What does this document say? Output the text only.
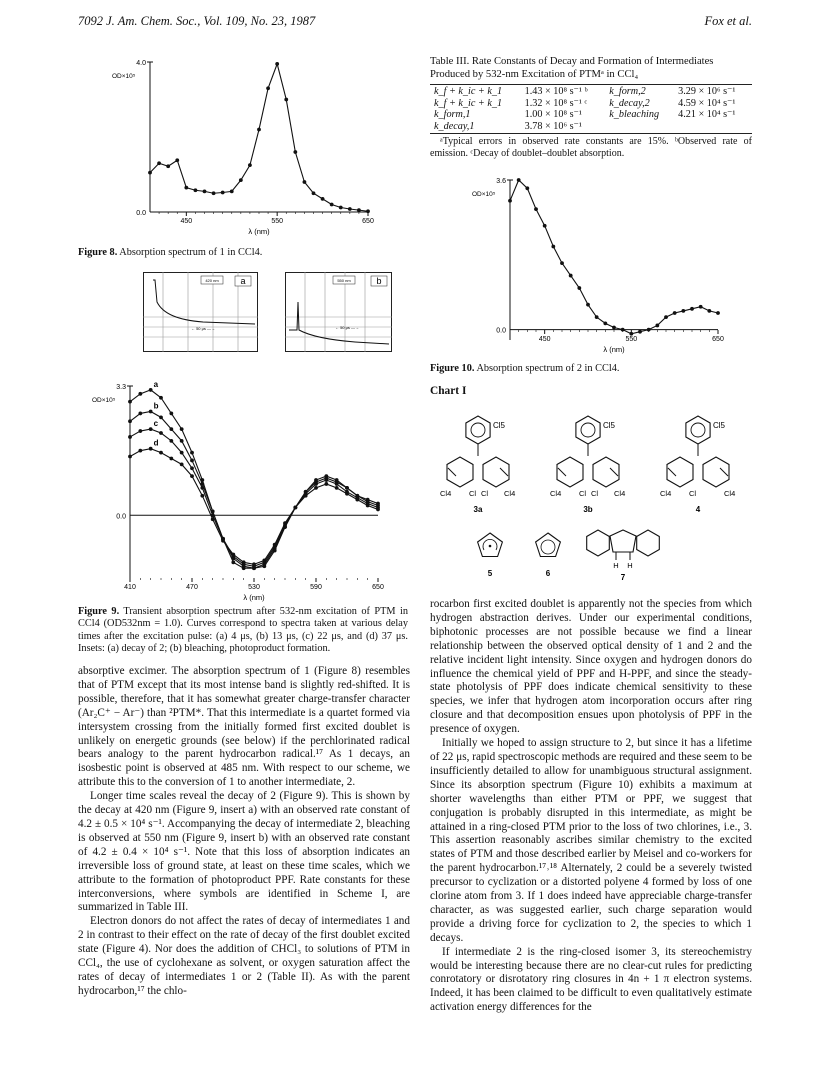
7092 J. Am. Chem. Soc., Vol. 109, No. 23, 1987	Fox et al.
4.0
0.0
OD×10⁵
450	550	650
λ (nm)
Figure 8. Absorption spectrum of 1 in CCl4.
420 nm a
← 50 μs —→
550 nm	b
← 50 μs —→
3.3
0.0
OD×10⁵
410	470	530	590	650
λ (nm)
a
b
c
d
Figure 9. Transient absorption spectrum after 532-nm excitation of PTM in CCl4 (OD532nm = 1.0). Curves correspond to spectra taken at various delay times after the excitation pulse: (a) 4 μs, (b) 13 μs, (c) 22 μs, and (d) 37 μs. Insets: (a) decay of 2; (b) bleaching, photoproduct formation.

absorptive excimer. The absorption spectrum of 1 (Figure 8) resembles that of PTM except that its most intense band is slightly red-shifted. It is possible, therefore, that it has somewhat greater charge-transfer character (Ar₂C⁺ − Ar⁻) than ²PTM*. That this intermediate is a quartet formed via intersystem crossing from the initially formed first excited doublet is unlikely on energetic grounds (see below) if the perchlorinated radical bears analogy to the parent hydrocarbon radical.¹⁷ As 1 decays, an isosbestic point is observed at 485 nm. With respect to our scheme, we attribute this to the conversion of 1 to another intermediate, 2.

Longer time scales reveal the decay of 2 (Figure 9). This is shown by the decay at 420 nm (Figure 9, insert a) with an observed rate constant of 4.2 ± 0.5 × 10⁴ s⁻¹. Accompanying the decay of intermediate 2, bleaching is observed at 550 nm (Figure 9, insert b) with an observed rate constant of 4.2 ± 0.4 × 10⁴ s⁻¹. Note that this loss of absorption indicates an irreversible loss of ground state, at least on these time scales, which we attribute to the formation of photoproduct PPF. Rate constants for these interconversions, where symbols are identified in Scheme I, are summarized in Table III.

Electron donors do not affect the rates of decay of intermediates 1 and 2 in contrast to their effect on the rate of decay of the first doublet excited state (Figure 4). Nor does the addition of CHCl₃ to solutions of PTM in CCl₄, the use of cyclohexane as solvent, or oxygen saturation affect the rates of decay of intermediates 1 or 2 (Table II). As with the parent hydrocarbon,¹⁷ the chlo-

Table III. Rate Constants of Decay and Formation of Intermediates Produced by 532-nm Excitation of PTMᵃ in CCl₄
k_f + k_ic + k_1	1.43 × 10⁸ s⁻¹ ᵇ	k_form,2	3.29 × 10⁶ s⁻¹
k_f + k_ic + k_1	1.32 × 10⁸ s⁻¹ ᶜ	k_decay,2	4.59 × 10⁴ s⁻¹
k_form,1	1.00 × 10⁸ s⁻¹	k_bleaching	4.21 × 10⁴ s⁻¹
k_decay,1	3.78 × 10⁶ s⁻¹		
ᵃTypical errors in observed rate constants are 15%. ᵇObserved rate of emission. ᶜDecay of doublet–doublet absorption.
3.6
0.0
OD×10⁵
450	550	650
λ (nm)
Figure 10. Absorption spectrum of 2 in CCl4.
Chart I
Cl5
Cl4 Cl Cl Cl4
3a
Cl5
Cl4 Cl Cl Cl4
3b
Cl5
Cl4 Cl	Cl4
4
5	6
H H
7

rocarbon first excited doublet is apparently not the species from which hydrogen abstraction derives. Under our experimental conditions, biphotonic processes are not possible because we find a linear relationship between the observed optical density of 1 and 2 and the relative incident light intensity. Since oxygen and hydrogen donors do influence the chemical yield of PPF and H-PPF, and since the steady-state photolysis of PPF does indicate chemical sensitivity to these species, we infer that hydrogen atom incorporation occurs after ring closure and that decomposition ensues upon photolysis of PPF in the presence of oxygen.

Initially we hoped to assign structure to 2, but since it has a lifetime of 22 μs, rapid spectroscopic methods are required and these seem to be insufficiently detailed to allow for unambiguous structural assignment. Since its absorption spectrum (Figure 10) exhibits a maximum at shorter wavelengths than either PTM or PPF, we suggest that conjugation is probably disrupted in this intermediate, as might be attained in a ring-closed PTM prior to the loss of two chlorines, i.e., 3. This assertion reasonably ascribes similar chemistry to the excited states of PTM and those described earlier by Meisel and co-workers for the parent hydrocarbon.¹⁷˒¹⁸ Alternately, 2 could be a severely twisted precursor to cyclization or a distorted polyene 4 formed by loss of one clorine atom from 3. If 1 does indeed have appreciable charge-transfer character, as was suggested earlier, such charge separation would provide a driving force for cyclization to 2, the species to which 1 decays.

If intermediate 2 is the ring-closed isomer 3, its stereochemistry would be interesting because there are no clear-cut rules for predicting conrotatory or disrotatory ring closures in 4n + 1 π electron systems. Indeed, it has been claimed to be difficult to even qualitatively estimate activation energy differences for the
